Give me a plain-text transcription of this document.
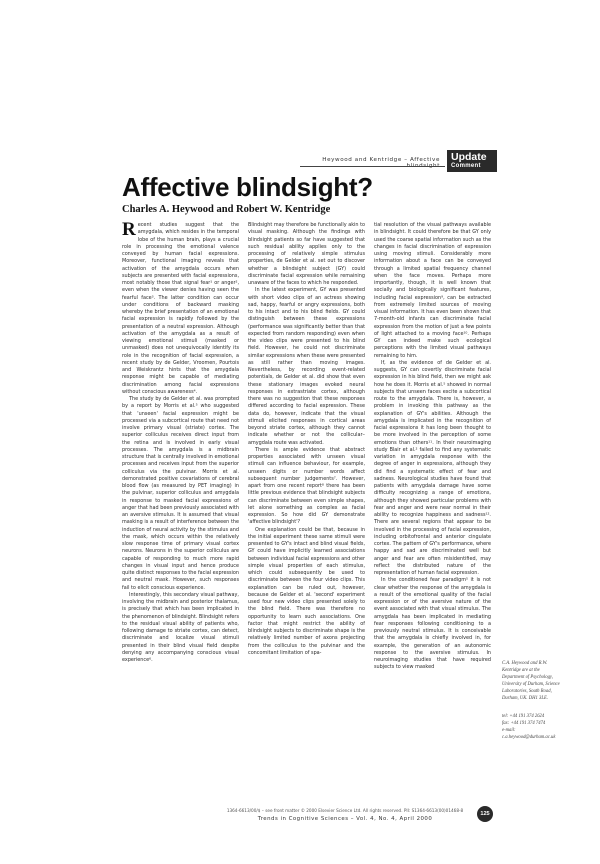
Heywood and Kentridge – Affective Update
Comment
Affective blindsight?
Charles A. Heywood and Robert W. Kentridge

Recent studies suggest that the amygdala, which resides in the temporal lobe of the human brain, plays a crucial role in processing the emotional valence conveyed by human facial expressions. Moreover, functional imaging reveals that activation of the amygdala occurs when subjects are presented with facial expressions, most notably those that signal fear¹ or anger², even when the viewer denies having seen the fearful face³. The latter condition can occur under conditions of backward masking whereby the brief presentation of an emotional facial expression is rapidly followed by the presentation of a neutral expression. Although activation of the amygdala as a result of viewing emotional stimuli (masked or unmasked) does not unequivocally identify its role in the recognition of facial expression, a recent study by de Gelder, Vroomen, Pourtois and Weiskrantz hints that the amygdala response might be capable of mediating discrimination among facial expressions without conscious awareness⁴.

The study by de Gelder et al. was prompted by a report by Morris et al.⁵ who suggested that 'unseen' facial expression might be processed via a subcortical route that need not involve primary visual (striate) cortex. The superior colliculus receives direct input from the retina and is involved in early visual processes. The amygdala is a midbrain structure that is centrally involved in emotional processes and receives input from the superior colliculus via the pulvinar. Morris et al. demonstrated positive covariations of cerebral blood flow (as measured by PET imaging) in the pulvinar, superior colliculus and amygdala in response to masked facial expressions of anger that had been previously associated with an aversive stimulus. It is assumed that visual masking is a result of interference between the induction of neural activity by the stimulus and the mask, which occurs within the relatively slow response time of primary visual cortex neurons. Neurons in the superior colliculus are capable of responding to much more rapid changes in visual input and hence produce quite distinct responses to the facial expression and neutral mask. However, such responses fail to elicit conscious experience.

Interestingly, this secondary visual pathway, involving the midbrain and posterior thalamus, is precisely that which has been implicated in the phenomenon of blindsight. Blindsight refers to the residual visual ability of patients who, following damage to striate cortex, can detect, discriminate and localize visual stimuli presented in their blind visual field despite denying any accompanying conscious visual experience⁶.

Blindsight may therefore be functionally akin to visual masking. Although the findings with blindsight patients so far have suggested that such residual ability applies only to the processing of relatively simple stimulus properties, de Gelder et al. set out to discover whether a blindsight subject (GY) could discriminate facial expression while remaining unaware of the faces to which he responded.

In the latest experiment, GY was presented with short video clips of an actress showing sad, happy, fearful or angry expressions, both to his intact and to his blind fields. GY could distinguish between these expressions (performance was significantly better than that expected from random responding) even when the video clips were presented to his blind field. However, he could not discriminate similar expressions when these were presented as still rather than moving images. Nevertheless, by recording event-related potentials, de Gelder et al. did show that even these stationary images evoked neural responses in extrastriate cortex, although there was no suggestion that these responses differed according to facial expression. These data do, however, indicate that the visual stimuli elicited responses in cortical areas beyond striate cortex, although they cannot indicate whether or not the collicular–amygdala route was activated.

There is ample evidence that abstract properties associated with unseen visual stimuli can influence behaviour, for example, unseen digits or number words affect subsequent number judgements⁷. However, apart from one recent report⁸ there has been little previous evidence that blindsight subjects can discriminate between even simple shapes, let alone something as complex as facial expression. So how did GY demonstrate 'affective blindsight'?

One explanation could be that, because in the initial experiment these same stimuli were presented to GY's intact and blind visual fields, GY could have implicitly learned associations between individual facial expressions and other simple visual properties of each stimulus, which could subsequently be used to discriminate between the four video clips. This explanation can be ruled out, however, because de Gelder et al. 'second' experiment used four new video clips presented solely to the blind field. There was therefore no opportunity to learn such associations. One factor that might restrict the ability of blindsight subjects to discriminate shape is the relatively limited number of axons projecting from the colliculus to the pulvinar and the concomitant limitation of spa-

tial resolution of the visual pathways available in blindsight. It could therefore be that GY only used the coarse spatial information such as the changes in facial discrimination of expression using moving stimuli. Considerably more information about a face can be conveyed through a limited spatial frequency channel when the face moves. Perhaps more importantly, though, it is well known that socially and biologically significant features, including facial expression⁹, can be extracted from extremely limited sources of moving visual information. It has even been shown that 7-month-old infants can discriminate facial expression from the motion of just a few points of light attached to a moving face¹⁰. Perhaps GY can indeed make such ecological perceptions with the limited visual pathways remaining to him.

If, as the evidence of de Gelder et al. suggests, GY can covertly discriminate facial expression in his blind field, then we might ask how he does it. Morris et al.⁵ showed in normal subjects that unseen faces excite a subcortical route to the amygdala. There is, however, a problem in invoking this pathway as the explanation of GY's abilities. Although the amygdala is implicated in the recognition of facial expressions it has long been thought to be more involved in the perception of some emotions than others¹¹. In their neuroimaging study Blair et al.² failed to find any systematic variation in amygdala response with the degree of anger in expressions, although they did find a systematic effect of fear and sadness. Neurological studies have found that patients with amygdala damage have some difficulty recognizing a range of emotions, although they showed particular problems with fear and anger and were near normal in their ability to recognize happiness and sadness¹². There are several regions that appear to be involved in the processing of facial expression, including orbitofrontal and anterior cingulate cortex. The pattern of GY's performance, where happy and sad are discriminated well but anger and fear are often misidentified, may reflect the distributed nature of the representation of human facial expression.

In the conditioned fear paradigm⁵ it is not clear whether the response of the amygdala is a result of the emotional quality of the facial expression or of the aversive nature of the event associated with that visual stimulus. The amygdala has been implicated in mediating fear responses following conditioning to a previously neutral stimulus. It is conceivable that the amygdala is chiefly involved in, for example, the generation of an autonomic response to the aversive stimulus. In neuroimaging studies that have required subjects to view masked

C.A. Heywood and R.W. Kentridge are at the Department of Psychology, University of Durham, Science Laboratories, South Road, Durham, UK. DH1 3LE.
tel: +44 191 374 2624
fax: +44 191 374 7474
e-mail: c.a.heywood@durham.ac.uk
1364-6613/00/$ – see front matter © 2000 Elsevier Science Ltd. All rights reserved. PII: S1364-6613(00)01468-8
Trends in Cognitive Sciences – Vol. 4, No. 4, April 2000
125
